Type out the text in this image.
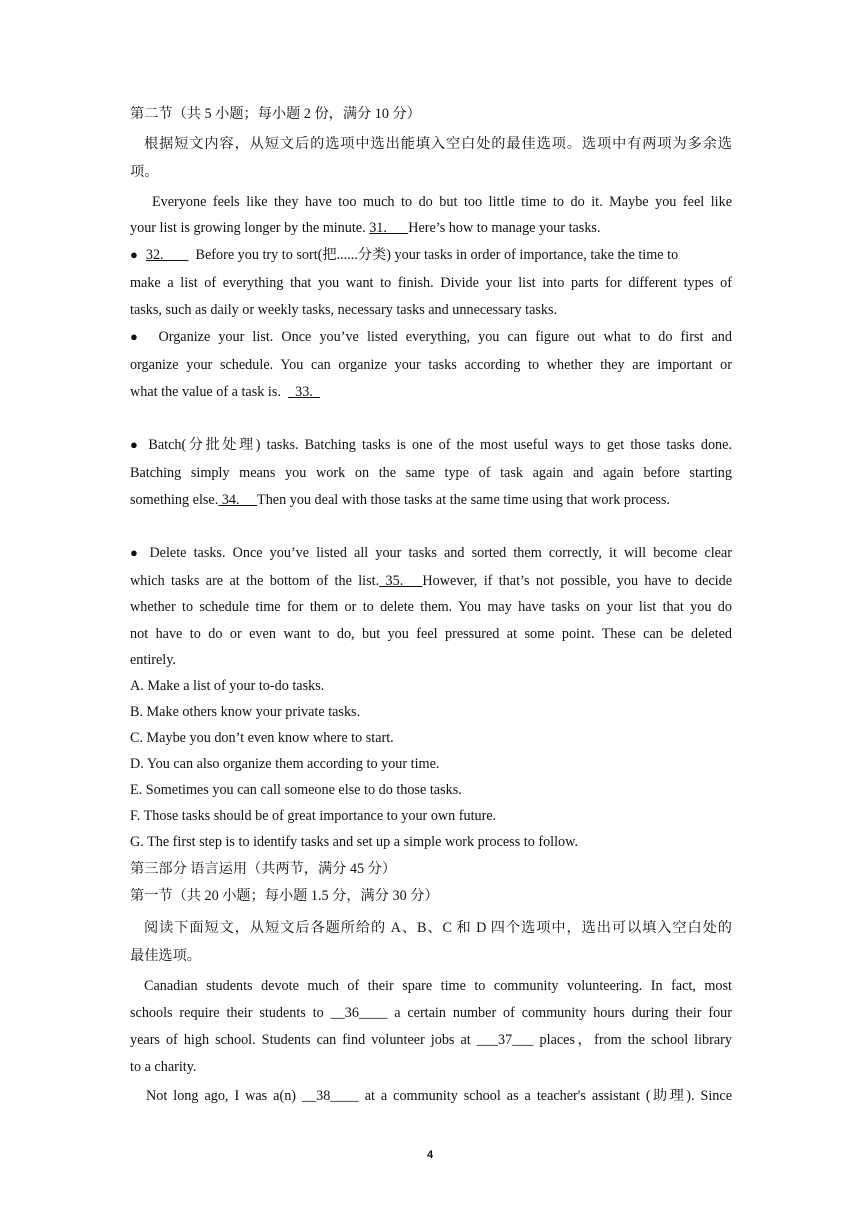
第二节（共 5 小题；每小题 2 份，满分 10 分）
根据短文内容，从短文后的选项中选出能填入空白处的最佳选项。选项中有两项为多余选
项。
Everyone feels like they have too much to do but too little time to do it. Maybe you feel like
your list is growing longer by the minute. 31.      Here’s how to manage your tasks.
● 32.         Before you try to sort(把......分类) your tasks in order of importance, take the time to
make a list of everything that you want to finish. Divide your list into parts for different types of
tasks, such as daily or weekly tasks, necessary tasks and unnecessary tasks.
● Organize your list. Once you’ve listed everything, you can figure out what to do first and
organize your schedule. You can organize your tasks according to whether they are important or
what the value of a task is.    33.
● Batch(分批处理) tasks. Batching tasks is one of the most useful ways to get those tasks done.
Batching simply means you work on the same type of task again and again before starting
something else. 34.     Then you deal with those tasks at the same time using that work process.
● Delete tasks. Once you’ve listed all your tasks and sorted them correctly, it will become clear
which tasks are at the bottom of the list. 35.   However, if that’s not possible, you have to decide
whether to schedule time for them or to delete them. You may have tasks on your list that you do
not have to do or even want to do, but you feel pressured at some point. These can be deleted
entirely.
A. Make a list of your to-do tasks.
B. Make others know your private tasks.
C. Maybe you don’t even know where to start.
D. You can also organize them according to your time.
E. Sometimes you can call someone else to do those tasks.
F. Those tasks should be of great importance to your own future.
G. The first step is to identify tasks and set up a simple work process to follow.
第三部分 语言运用（共两节，满分 45 分）
第一节（共 20 小题；每小题 1.5 分，满分 30 分）
阅读下面短文，从短文后各题所给的 A、B、C 和 D 四个选项中，选出可以填入空白处的
最佳选项。
Canadian students devote much of their spare time to community volunteering. In fact, most
schools require their students to __36____ a certain number of community hours during their four
years of high school. Students can find volunteer jobs at ___37___ places，from the school library
to a charity.
Not long ago, I was a(n) __38____ at a community school as a teacher's assistant (助理). Since
4
